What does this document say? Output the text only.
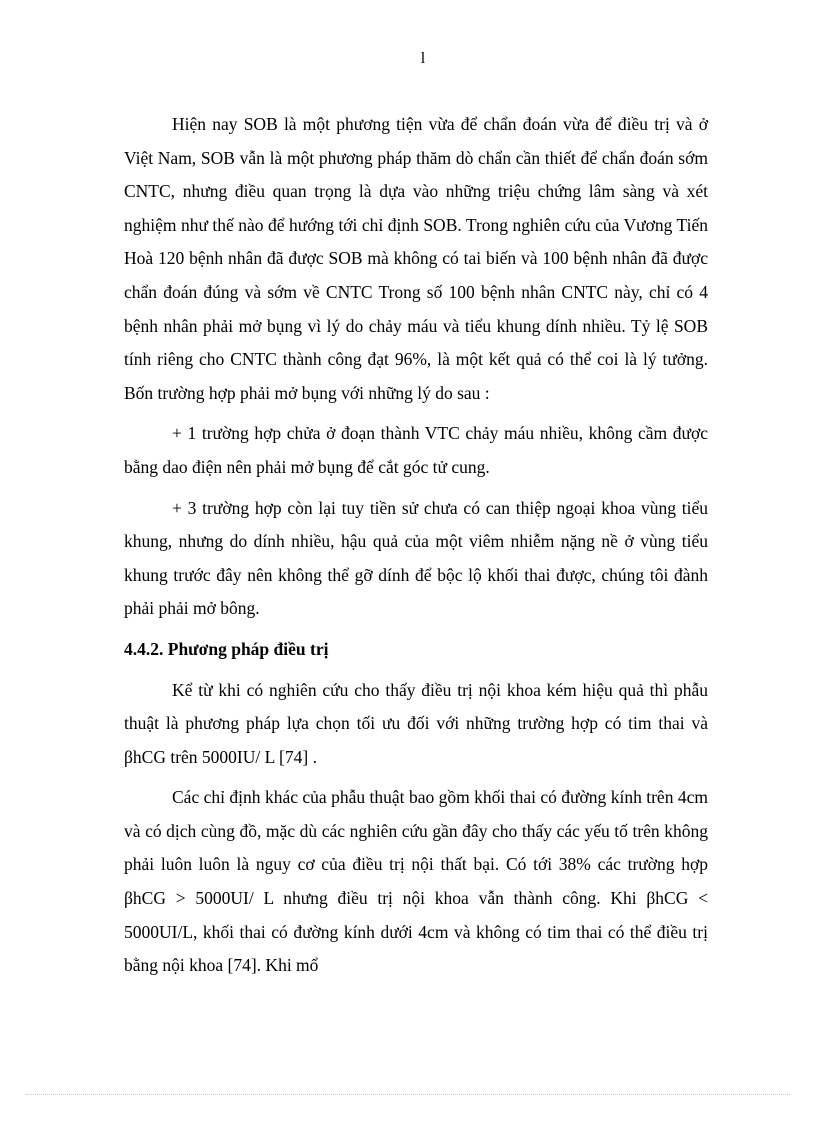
l

Hiện nay SOB là một phương tiện vừa để chẩn đoán vừa để điều trị và ở Việt Nam, SOB vẫn là một phương pháp thăm dò chẩn cần thiết để chẩn đoán sớm CNTC, nhưng điều quan trọng là dựa vào những triệu chứng lâm sàng và xét nghiệm như thế nào để hướng tới chỉ định SOB. Trong nghiên cứu của Vương Tiến Hoà 120 bệnh nhân đã được SOB mà không có tai biến và 100 bệnh nhân đã được chẩn đoán đúng và sớm về CNTC Trong số 100 bệnh nhân CNTC này, chỉ có 4 bệnh nhân phải mở bụng vì lý do chảy máu và tiểu khung dính nhiều. Tỷ lệ SOB tính riêng cho CNTC thành công đạt 96%, là một kết quả có thể coi là lý tưởng. Bốn trường hợp phải mở bụng với những lý do sau :

+ 1 trường hợp chửa ở đoạn thành VTC chảy máu nhiều, không cầm được bằng dao điện nên phải mở bụng để cắt góc tử cung.

+ 3 trường hợp còn lại tuy tiền sử chưa có can thiệp ngoại khoa vùng tiểu khung, nhưng do dính nhiều, hậu quả của một viêm nhiễm nặng nề ở vùng tiểu khung trước đây nên không thể gỡ dính để bộc lộ khối thai được, chúng tôi đành phải phải mở bông.

4.4.2. Phương pháp điều trị

Kể từ khi có nghiên cứu cho thấy điều trị nội khoa kém hiệu quả thì phẫu thuật là phương pháp lựa chọn tối ưu đối với những trường hợp có tim thai và βhCG trên 5000IU/ L [74] .

Các chỉ định khác của phẫu thuật bao gồm khối thai có đường kính trên 4cm và có dịch cùng đồ, mặc dù các nghiên cứu gần đây cho thấy các yếu tố trên không phải luôn luôn là nguy cơ của điều trị nội thất bại. Có tới 38% các trường hợp βhCG > 5000UI/ L nhưng điều trị nội khoa vẫn thành công. Khi βhCG < 5000UI/L, khối thai có đường kính dưới 4cm và không có tim thai có thể điều trị bằng nội khoa [74]. Khi mổ
